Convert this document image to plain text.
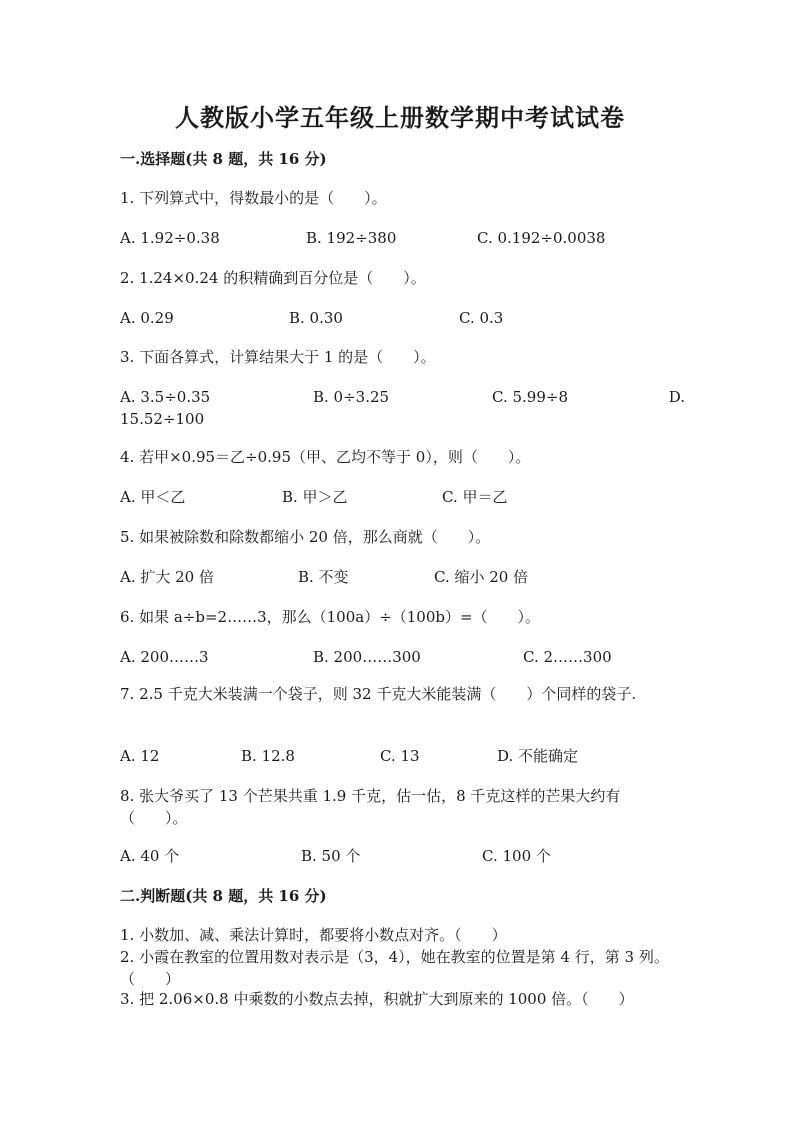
人教版小学五年级上册数学期中考试试卷
一.选择题(共 8 题，共 16 分)
1. 下列算式中，得数最小的是（　　）。
A. 1.92÷0.38	B. 192÷380	C. 0.192÷0.0038
2. 1.24×0.24 的积精确到百分位是（　　）。
A. 0.29	B. 0.30	C. 0.3
3. 下面各算式，计算结果大于 1 的是（　　）。
A. 3.5÷0.35	B. 0÷3.25	C. 5.99÷8	D.

15.52÷100
4. 若甲×0.95＝乙÷0.95（甲、乙均不等于 0），则（　　）。
A. 甲＜乙	B. 甲＞乙	C. 甲＝乙
5. 如果被除数和除数都缩小 20 倍，那么商就（　　）。
A. 扩大 20 倍	B. 不变	C. 缩小 20 倍
6. 如果 a÷b=2……3，那么（100a）÷（100b）=（　　）。
A. 200……3	B. 200……300	C. 2……300
7. 2.5 千克大米装满一个袋子，则 32 千克大米能装满（　　）个同样的袋子.
A. 12	B. 12.8	C. 13	D. 不能确定
8. 张大爷买了 13 个芒果共重 1.9 千克，估一估，8 千克这样的芒果大约有（　　）。
A. 40 个	B. 50 个	C. 100 个
二.判断题(共 8 题，共 16 分)
1. 小数加、减、乘法计算时，都要将小数点对齐。（　　）
2. 小霞在教室的位置用数对表示是（3，4），她在教室的位置是第 4 行，第 3 列。（　　）
3. 把 2.06×0.8 中乘数的小数点去掉，积就扩大到原来的 1000 倍。（　　）
